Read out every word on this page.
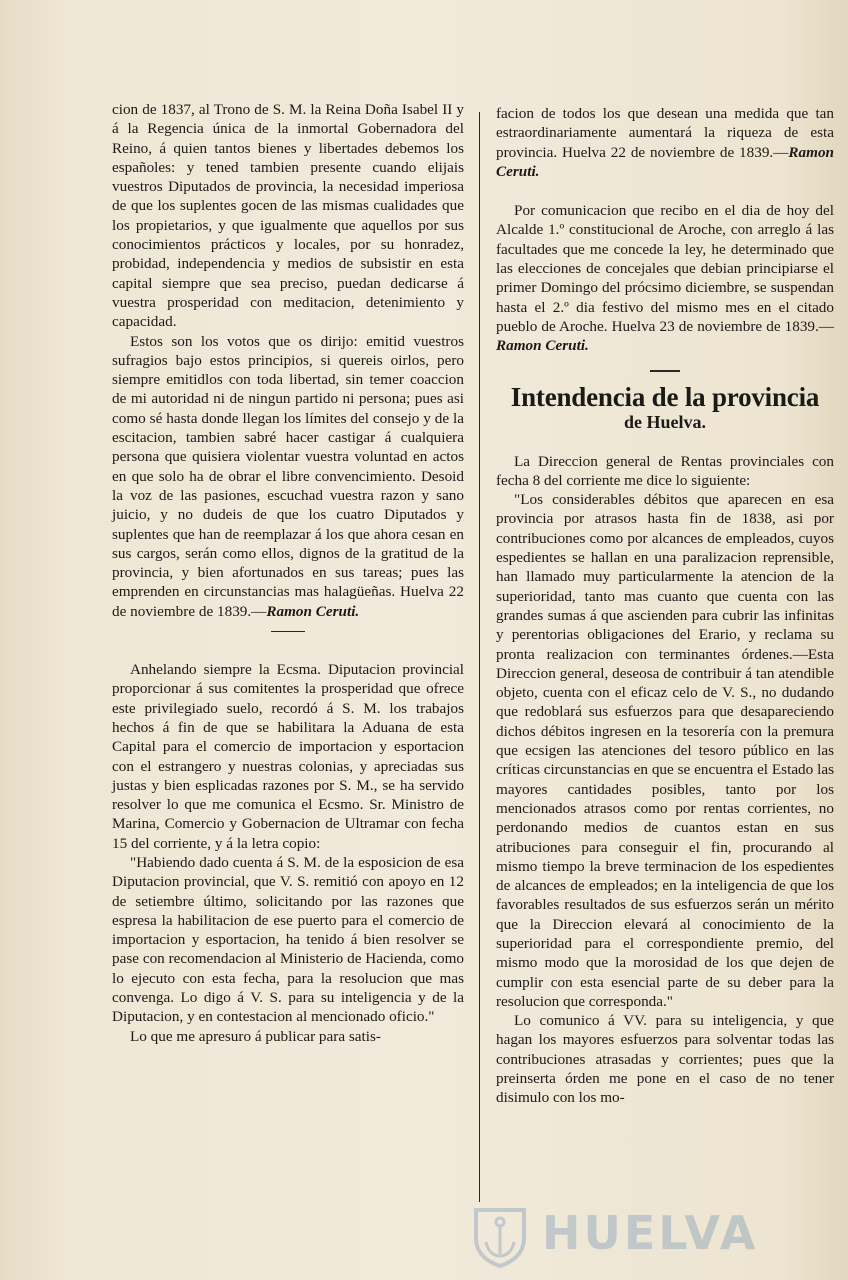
cion de 1837, al Trono de S. M. la Reina Doña Isabel II y á la Regencia única de la inmortal Gobernadora del Reino, á quien tantos bienes y libertades debemos los españoles: y tened tambien presente cuando elijais vuestros Diputados de provincia, la necesidad imperiosa de que los suplentes gocen de las mismas cualidades que los propietarios, y que igualmente que aquellos por sus conocimientos prácticos y locales, por su honradez, probidad, independencia y medios de subsistir en esta capital siempre que sea preciso, puedan dedicarse á vuestra prosperidad con meditacion, detenimiento y capacidad.

Estos son los votos que os dirijo: emitid vuestros sufragios bajo estos principios, si quereis oirlos, pero siempre emitidlos con toda libertad, sin temer coaccion de mi autoridad ni de ningun partido ni persona; pues asi como sé hasta donde llegan los límites del consejo y de la escitacion, tambien sabré hacer castigar á cualquiera persona que quisiera violentar vuestra voluntad en actos en que solo ha de obrar el libre convencimiento. Desoid la voz de las pasiones, escuchad vuestra razon y sano juicio, y no dudeis de que los cuatro Diputados y suplentes que han de reemplazar á los que ahora cesan en sus cargos, serán como ellos, dignos de la gratitud de la provincia, y bien afortunados en sus tareas; pues las emprenden en circunstancias mas halagüeñas. Huelva 22 de noviembre de 1839.—Ramon Ceruti.

Anhelando siempre la Ecsma. Diputacion provincial proporcionar á sus comitentes la prosperidad que ofrece este privilegiado suelo, recordó á S. M. los trabajos hechos á fin de que se habilitara la Aduana de esta Capital para el comercio de importacion y esportacion con el estrangero y nuestras colonias, y apreciadas sus justas y bien esplicadas razones por S. M., se ha servido resolver lo que me comunica el Ecsmo. Sr. Ministro de Marina, Comercio y Gobernacion de Ultramar con fecha 15 del corriente, y á la letra copio:

"Habiendo dado cuenta á S. M. de la esposicion de esa Diputacion provincial, que V. S. remitió con apoyo en 12 de setiembre último, solicitando por las razones que espresa la habilitacion de ese puerto para el comercio de importacion y esportacion, ha tenido á bien resolver se pase con recomendacion al Ministerio de Hacienda, como lo ejecuto con esta fecha, para la resolucion que mas convenga. Lo digo á V. S. para su inteligencia y de la Diputacion, y en contestacion al mencionado oficio."

Lo que me apresuro á publicar para satis-

facion de todos los que desean una medida que tan estraordinariamente aumentará la riqueza de esta provincia. Huelva 22 de noviembre de 1839.—Ramon Ceruti.

Por comunicacion que recibo en el dia de hoy del Alcalde 1.º constitucional de Aroche, con arreglo á las facultades que me concede la ley, he determinado que las elecciones de concejales que debian principiarse el primer Domingo del prócsimo diciembre, se suspendan hasta el 2.º dia festivo del mismo mes en el citado pueblo de Aroche. Huelva 23 de noviembre de 1839.—Ramon Ceruti.

Intendencia de la provincia
de Huelva.

La Direccion general de Rentas provinciales con fecha 8 del corriente me dice lo siguiente:

"Los considerables débitos que aparecen en esa provincia por atrasos hasta fin de 1838, asi por contribuciones como por alcances de empleados, cuyos espedientes se hallan en una paralizacion reprensible, han llamado muy particularmente la atencion de la superioridad, tanto mas cuanto que cuenta con las grandes sumas á que ascienden para cubrir las infinitas y perentorias obligaciones del Erario, y reclama su pronta realizacion con terminantes órdenes.—Esta Direccion general, deseosa de contribuir á tan atendible objeto, cuenta con el eficaz celo de V. S., no dudando que redoblará sus esfuerzos para que desapareciendo dichos débitos ingresen en la tesorería con la premura que ecsigen las atenciones del tesoro público en las críticas circunstancias en que se encuentra el Estado las mayores cantidades posibles, tanto por los mencionados atrasos como por rentas corrientes, no perdonando medios de cuantos estan en sus atribuciones para conseguir el fin, procurando al mismo tiempo la breve terminacion de los espedientes de alcances de empleados; en la inteligencia de que los favorables resultados de sus esfuerzos serán un mérito que la Direccion elevará al conocimiento de la superioridad para el correspondiente premio, del mismo modo que la morosidad de los que dejen de cumplir con esta esencial parte de su deber para la resolucion que corresponda."

Lo comunico á VV. para su inteligencia, y que hagan los mayores esfuerzos para solventar todas las contribuciones atrasadas y corrientes; pues que la preinserta órden me pone en el caso de no tener disimulo con los mo-

HUELVA
